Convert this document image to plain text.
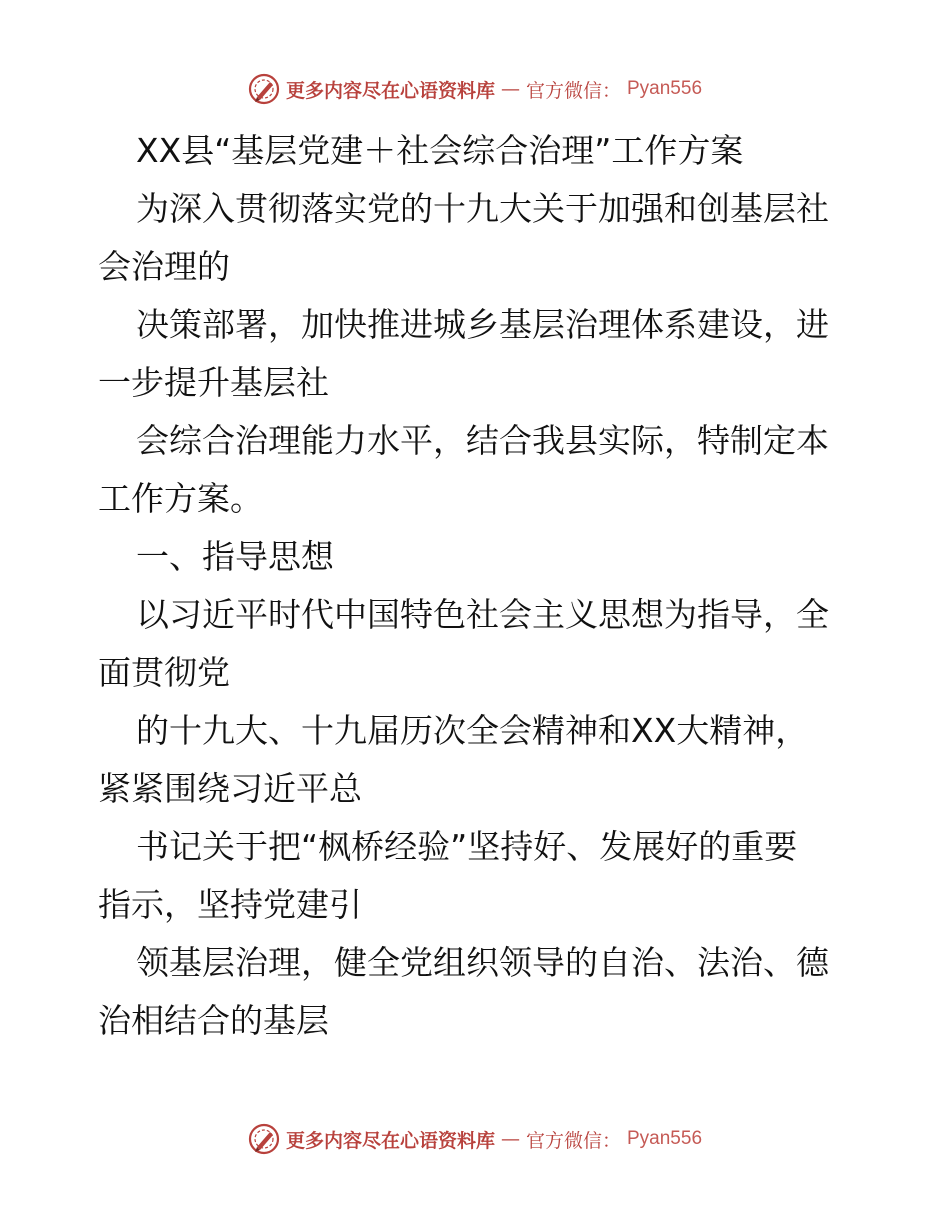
更多内容尽在心语资料库 — 官方微信： Pyan556
XX县“基层党建＋社会综合治理”工作方案
为深入贯彻落实党的十九大关于加强和创基层社
会治理的
决策部署，加快推进城乡基层治理体系建设，进
一步提升基层社
会综合治理能力水平，结合我县实际，特制定本
工作方案。
一、指导思想
以习近平时代中国特色社会主义思想为指导，全
面贯彻党
的十九大、十九届历次全会精神和XX大精神，
紧紧围绕习近平总
书记关于把“枫桥经验”坚持好、发展好的重要
指示，坚持党建引
领基层治理，健全党组织领导的自治、法治、德
治相结合的基层
更多内容尽在心语资料库 — 官方微信： Pyan556
